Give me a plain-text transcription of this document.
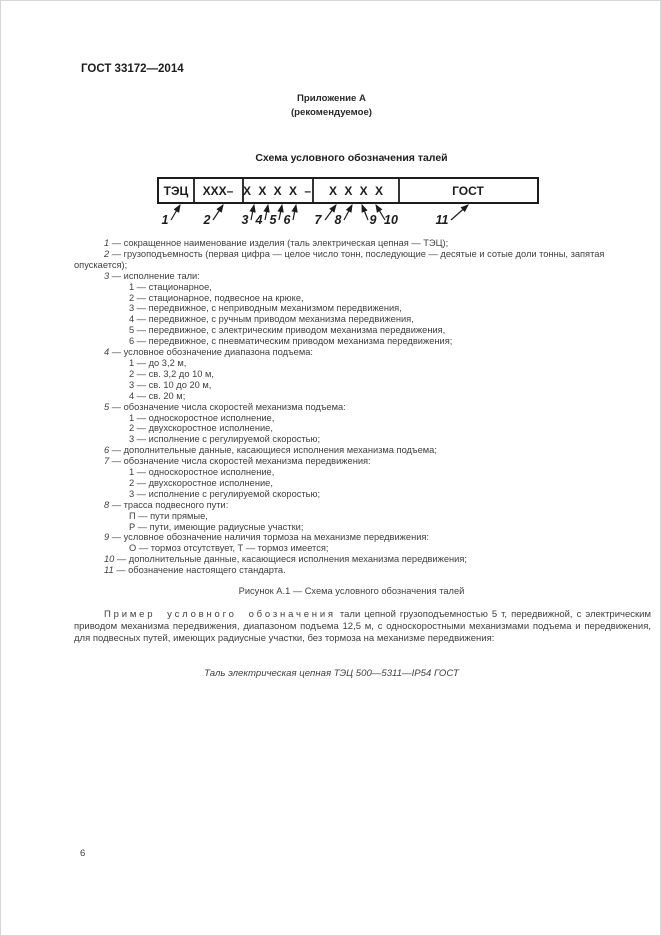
ГОСТ 33172—2014
Приложение А
(рекомендуемое)
Схема условного обозначения талей
ТЭЦ XXX– X X X X – X X X X	ГОСТ
1	2 3 4 5 6 7 8 9 10	11
1 — сокращенное наименование изделия (таль электрическая цепная — ТЭЦ);
2 — грузоподъемность (первая цифра — целое число тонн, последующие — десятые и сотые доли тонны, запятая опускается);
3 — исполнение тали:
1 — стационарное,
2 — стационарное, подвесное на крюке,
3 — передвижное, с неприводным механизмом передвижения,
4 — передвижное, с ручным приводом механизма передвижения,
5 — передвижное, с электрическим приводом механизма передвижения,
6 — передвижное, с пневматическим приводом механизма передвижения;
4 — условное обозначение диапазона подъема:
1 — до 3,2 м,
2 — св. 3,2 до 10 м,
3 — св. 10 до 20 м,
4 — св. 20 м;
5 — обозначение числа скоростей механизма подъема:
1 — односкоростное исполнение,
2 — двухскоростное исполнение,
3 — исполнение с регулируемой скоростью;
6 — дополнительные данные, касающиеся исполнения механизма подъема;
7 — обозначение числа скоростей механизма передвижения:
1 — односкоростное исполнение,
2 — двухскоростное исполнение,
3 — исполнение с регулируемой скоростью;
8 — трасса подвесного пути:
П — пути прямые,
Р — пути, имеющие радиусные участки;
9 — условное обозначение наличия тормоза на механизме передвижения:
О — тормоз отсутствует, Т — тормоз имеется;
10 — дополнительные данные, касающиеся исполнения механизма передвижения;
11 — обозначение настоящего стандарта.
Рисунок А.1 — Схема условного обозначения талей
Пример условного обозначения тали цепной грузоподъемностью 5 т, передвижной, с электрическим приводом механизма передвижения, диапазоном подъема 12,5 м, с односкоростными механизмами подъема и передвижения, для подвесных путей, имеющих радиусные участки, без тормоза на механизме передвижения:
Таль электрическая цепная ТЭЦ 500—5311—IP54 ГОСТ
6
